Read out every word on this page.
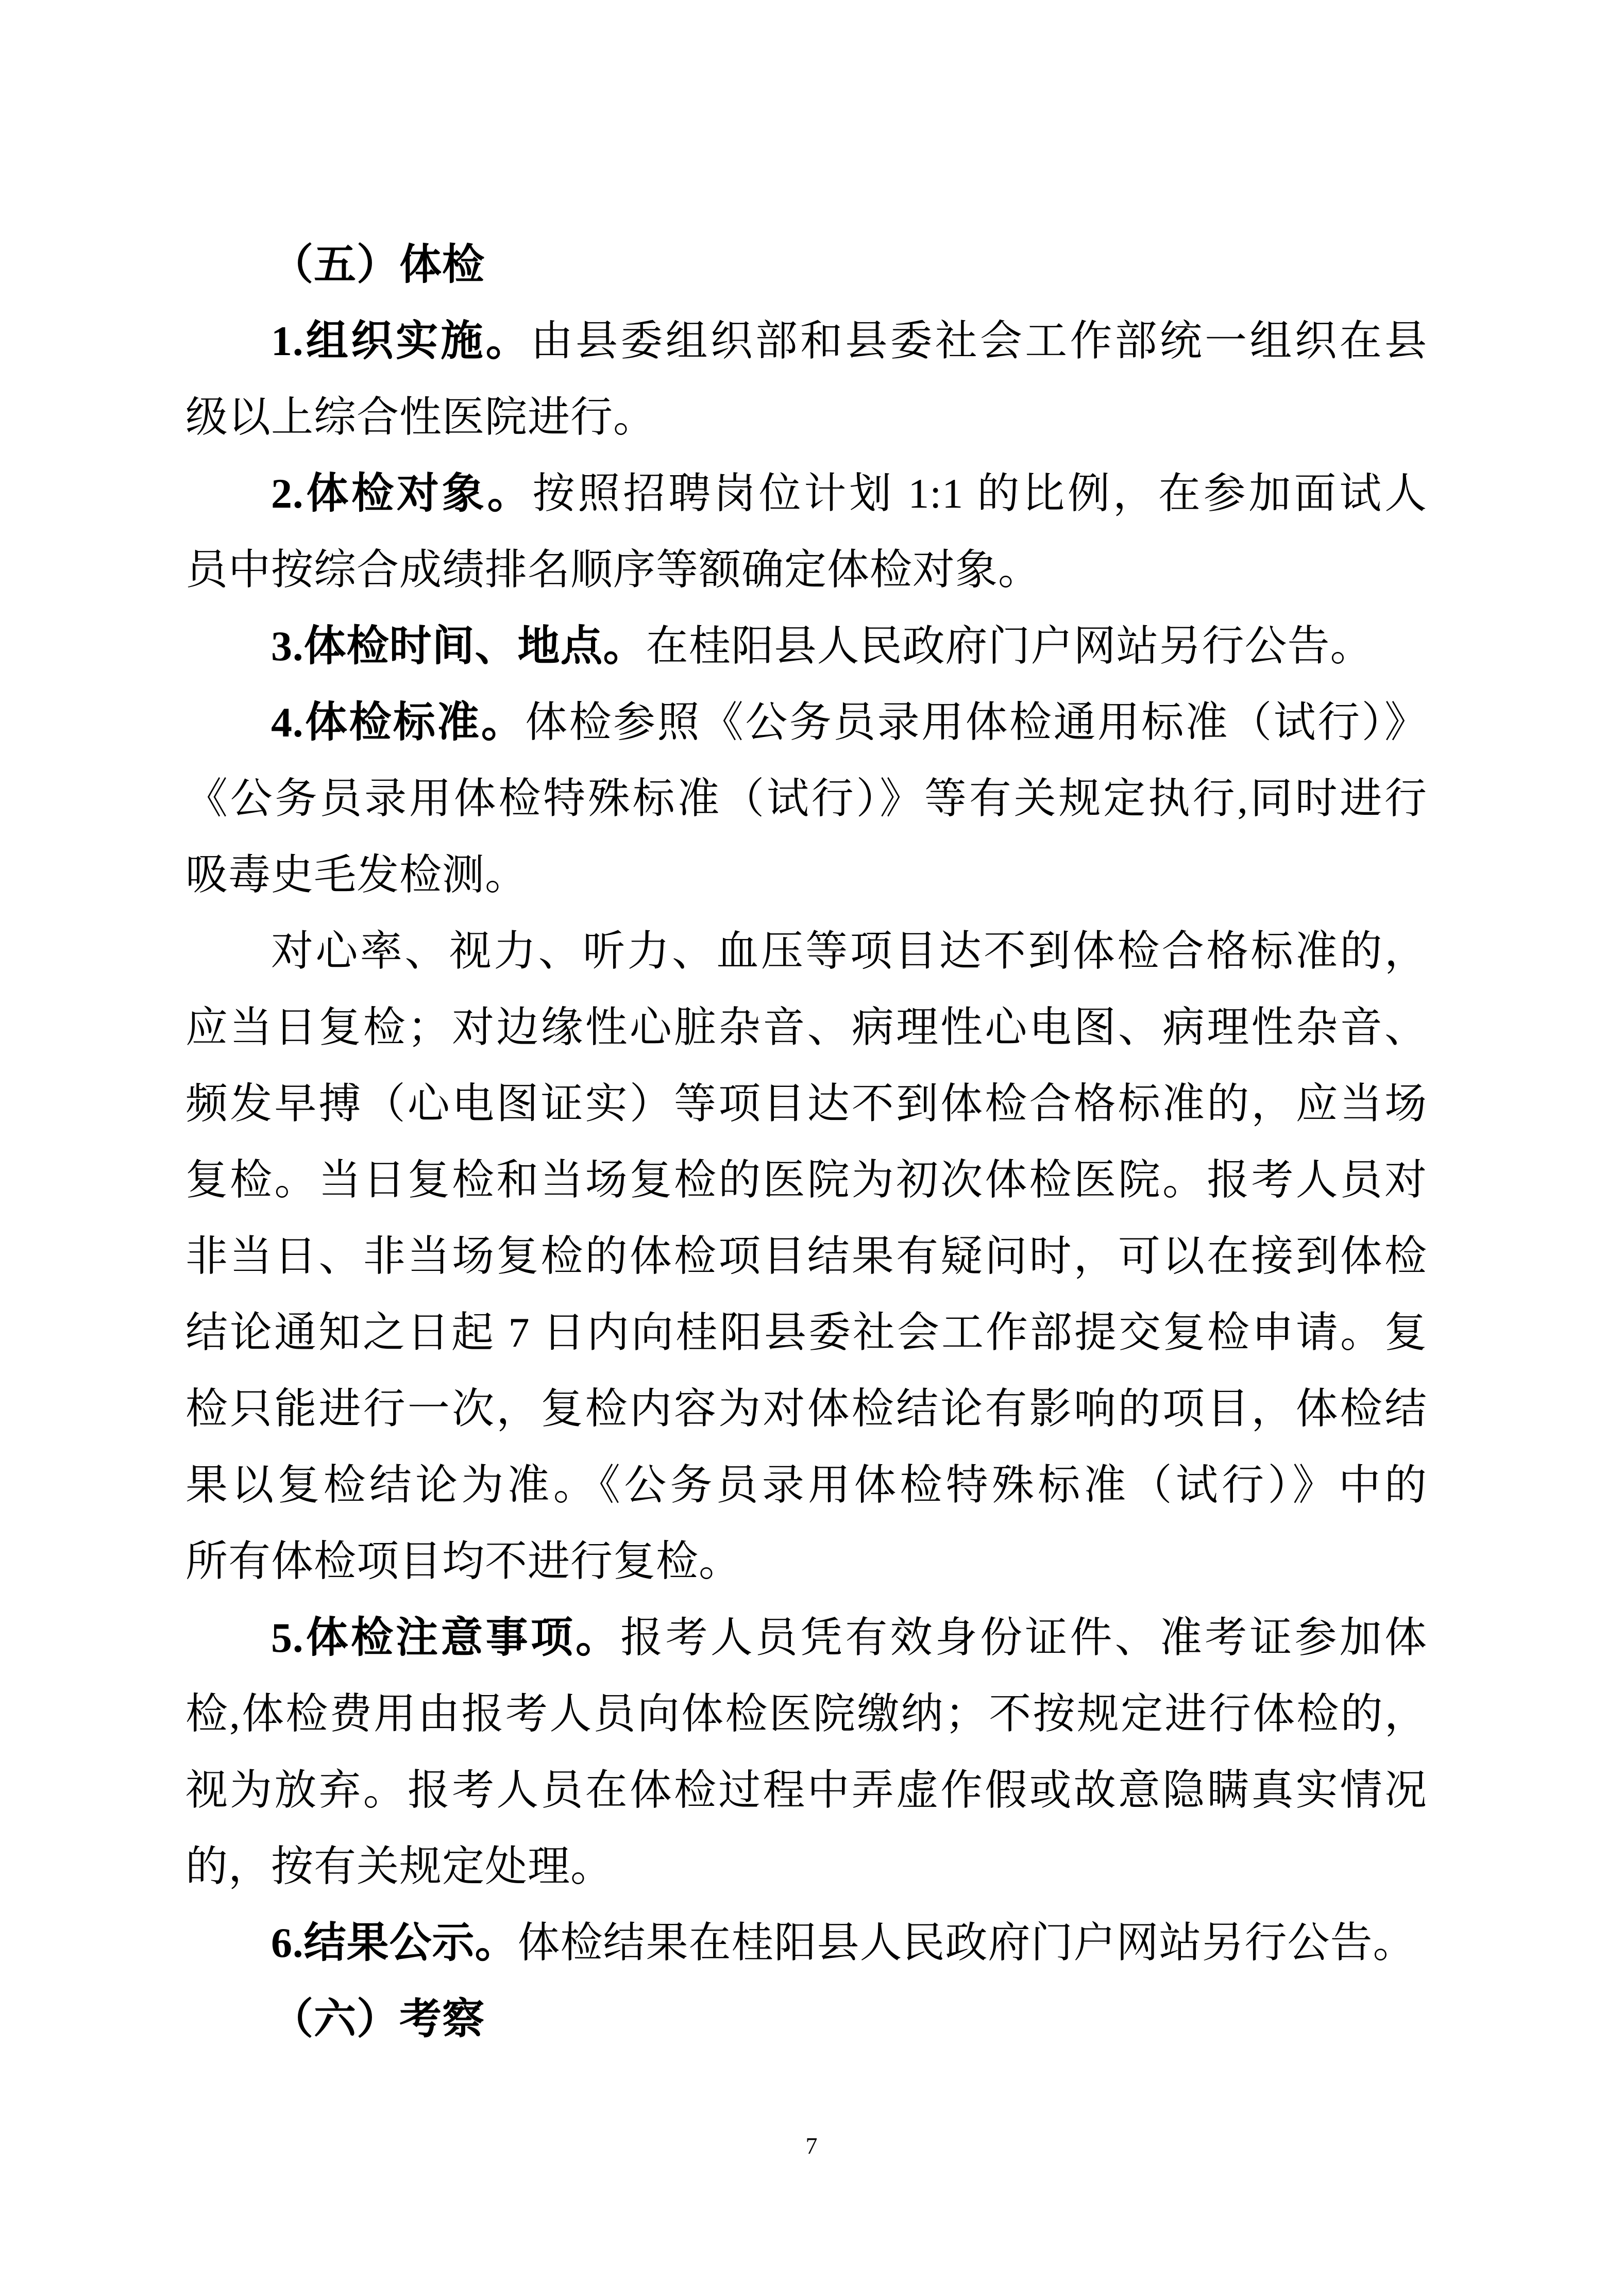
（五）体检
1.组织实施。由县委组织部和县委社会工作部统一组织在县
级以上综合性医院进行。
2.体检对象。按照招聘岗位计划 1:1 的比例，在参加面试人
员中按综合成绩排名顺序等额确定体检对象。
3.体检时间、地点。在桂阳县人民政府门户网站另行公告。
4.体检标准。体检参照《公务员录用体检通用标准（试行）》
《公务员录用体检特殊标准（试行）》等有关规定执行,同时进行
吸毒史毛发检测。
对心率、视力、听力、血压等项目达不到体检合格标准的，
应当日复检；对边缘性心脏杂音、病理性心电图、病理性杂音、
频发早搏（心电图证实）等项目达不到体检合格标准的，应当场
复检。当日复检和当场复检的医院为初次体检医院。报考人员对
非当日、非当场复检的体检项目结果有疑问时，可以在接到体检
结论通知之日起 7 日内向桂阳县委社会工作部提交复检申请。复
检只能进行一次，复检内容为对体检结论有影响的项目，体检结
果以复检结论为准。《公务员录用体检特殊标准（试行）》中的
所有体检项目均不进行复检。
5.体检注意事项。报考人员凭有效身份证件、准考证参加体
检,体检费用由报考人员向体检医院缴纳；不按规定进行体检的，
视为放弃。报考人员在体检过程中弄虚作假或故意隐瞒真实情况
的，按有关规定处理。
6.结果公示。体检结果在桂阳县人民政府门户网站另行公告。
（六）考察
7
